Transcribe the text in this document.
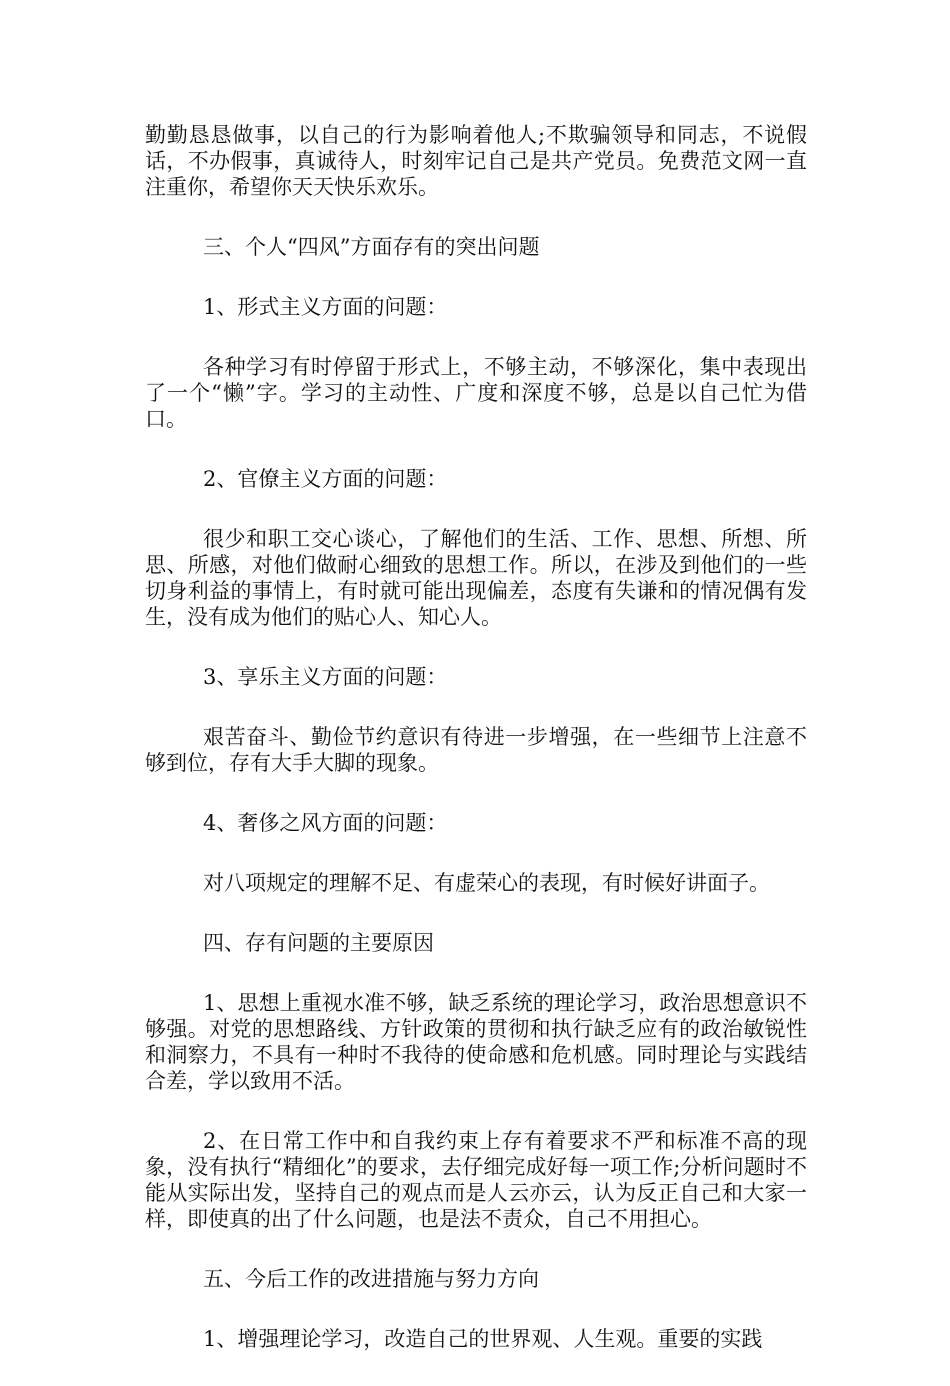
勤勤恳恳做事，以自己的行为影响着他人;不欺骗领导和同志，不说假话，不办假事，真诚待人，时刻牢记自己是共产党员。免费范文网一直注重你，希望你天天快乐欢乐。

三、个人“四风”方面存有的突出问题

1、形式主义方面的问题：

各种学习有时停留于形式上，不够主动，不够深化，集中表现出了一个“懒”字。学习的主动性、广度和深度不够，总是以自己忙为借口。

2、官僚主义方面的问题：

很少和职工交心谈心，了解他们的生活、工作、思想、所想、所思、所感，对他们做耐心细致的思想工作。所以，在涉及到他们的一些切身利益的事情上，有时就可能出现偏差，态度有失谦和的情况偶有发生，没有成为他们的贴心人、知心人。

3、享乐主义方面的问题：

艰苦奋斗、勤俭节约意识有待进一步增强，在一些细节上注意不够到位，存有大手大脚的现象。

4、奢侈之风方面的问题：

对八项规定的理解不足、有虚荣心的表现，有时候好讲面子。

四、存有问题的主要原因

1、思想上重视水准不够，缺乏系统的理论学习，政治思想意识不够强。对党的思想路线、方针政策的贯彻和执行缺乏应有的政治敏锐性和洞察力，不具有一种时不我待的使命感和危机感。同时理论与实践结合差，学以致用不活。

2、在日常工作中和自我约束上存有着要求不严和标准不高的现象，没有执行“精细化”的要求，去仔细完成好每一项工作;分析问题时不能从实际出发，坚持自己的观点而是人云亦云，认为反正自己和大家一样，即使真的出了什么问题，也是法不责众，自己不用担心。

五、今后工作的改进措施与努力方向

1、增强理论学习，改造自己的世界观、人生观。重要的实践
